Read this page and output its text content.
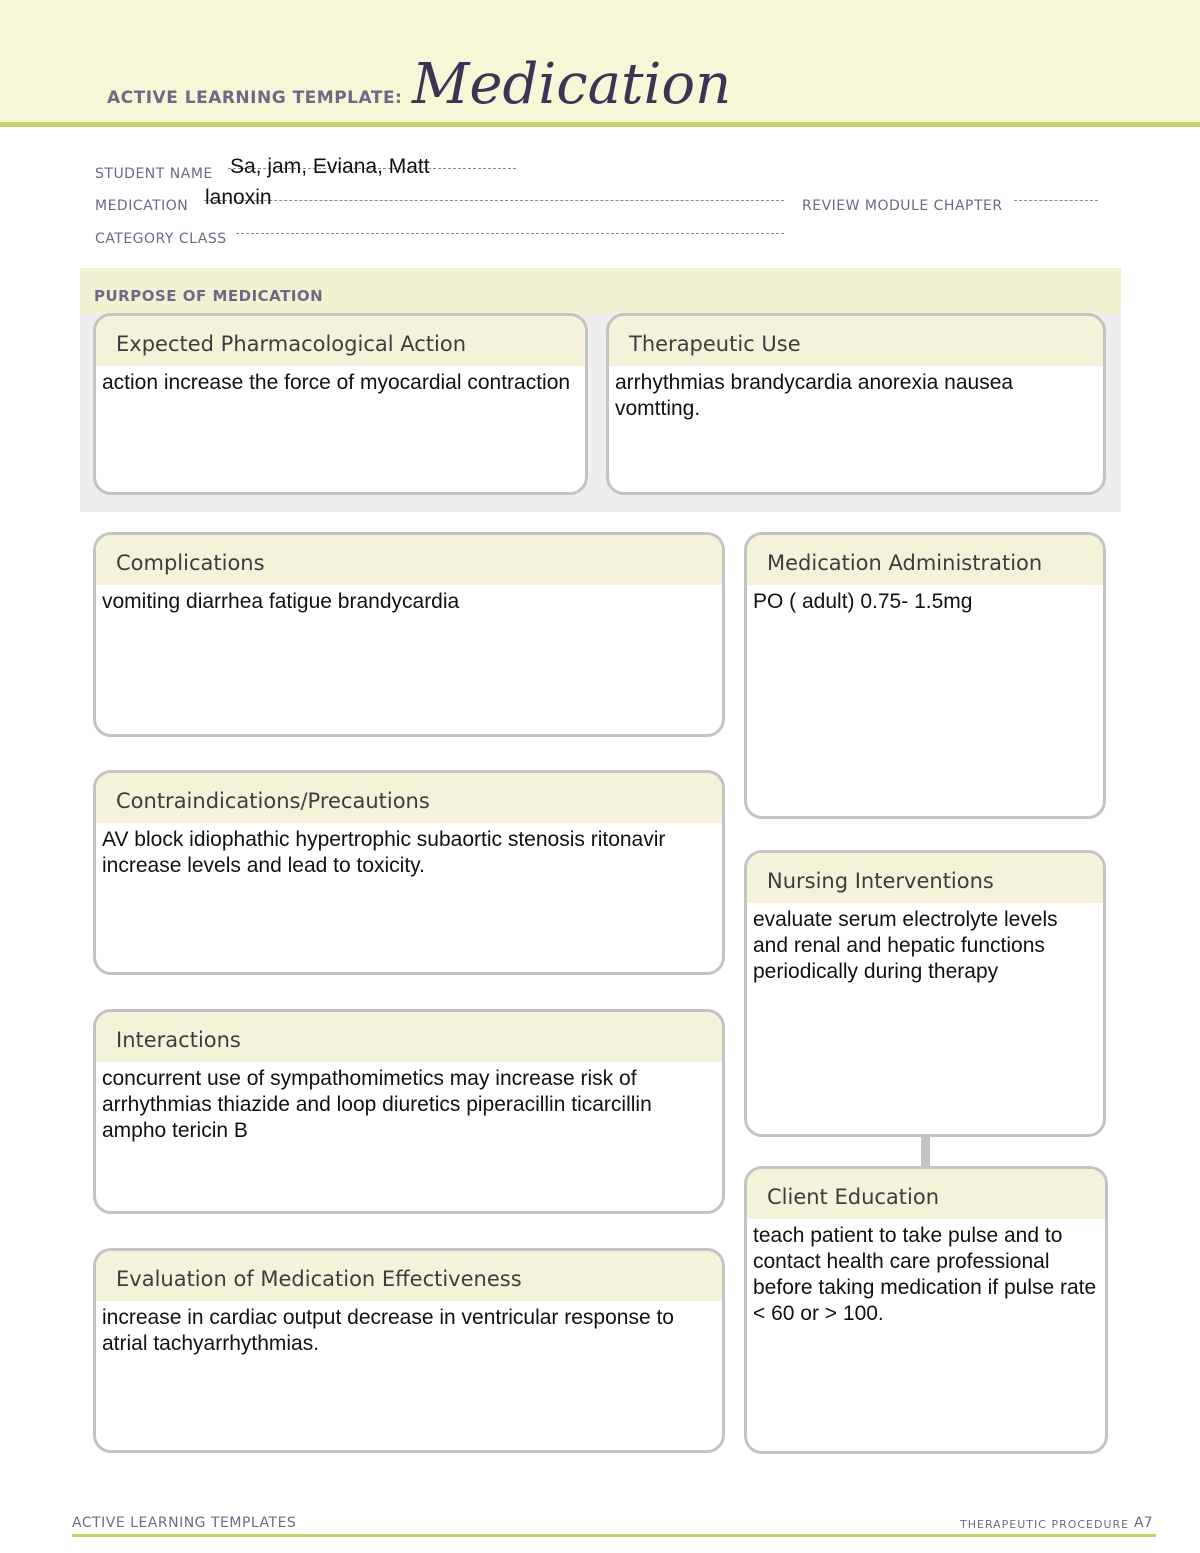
ACTIVE LEARNING TEMPLATE: Medication
STUDENT NAME Sa, jam, Eviana, Matt
MEDICATION lanoxin	REVIEW MODULE CHAPTER
CATEGORY CLASS
PURPOSE OF MEDICATION
Expected Pharmacological Action
action increase the force of myocardial contraction
Therapeutic Use
arrhythmias brandycardia anorexia nausea vomtting.
Complications
vomiting diarrhea fatigue brandycardia
Contraindications/Precautions
AV block idiophathic hypertrophic subaortic stenosis ritonavir increase levels and lead to toxicity.
Interactions
concurrent use of sympathomimetics may increase risk of arrhythmias thiazide and loop diuretics piperacillin ticarcillin ampho tericin B
Evaluation of Medication Effectiveness
increase in cardiac output decrease in ventricular response to atrial tachyarrhythmias.
Medication Administration
PO ( adult) 0.75- 1.5mg
Nursing Interventions
evaluate serum electrolyte levels and renal and hepatic functions periodically during therapy
Client Education
teach patient to take pulse and to contact health care professional before taking medication if pulse rate < 60 or > 100.
ACTIVE LEARNING TEMPLATES	THERAPEUTIC PROCEDURE A7
